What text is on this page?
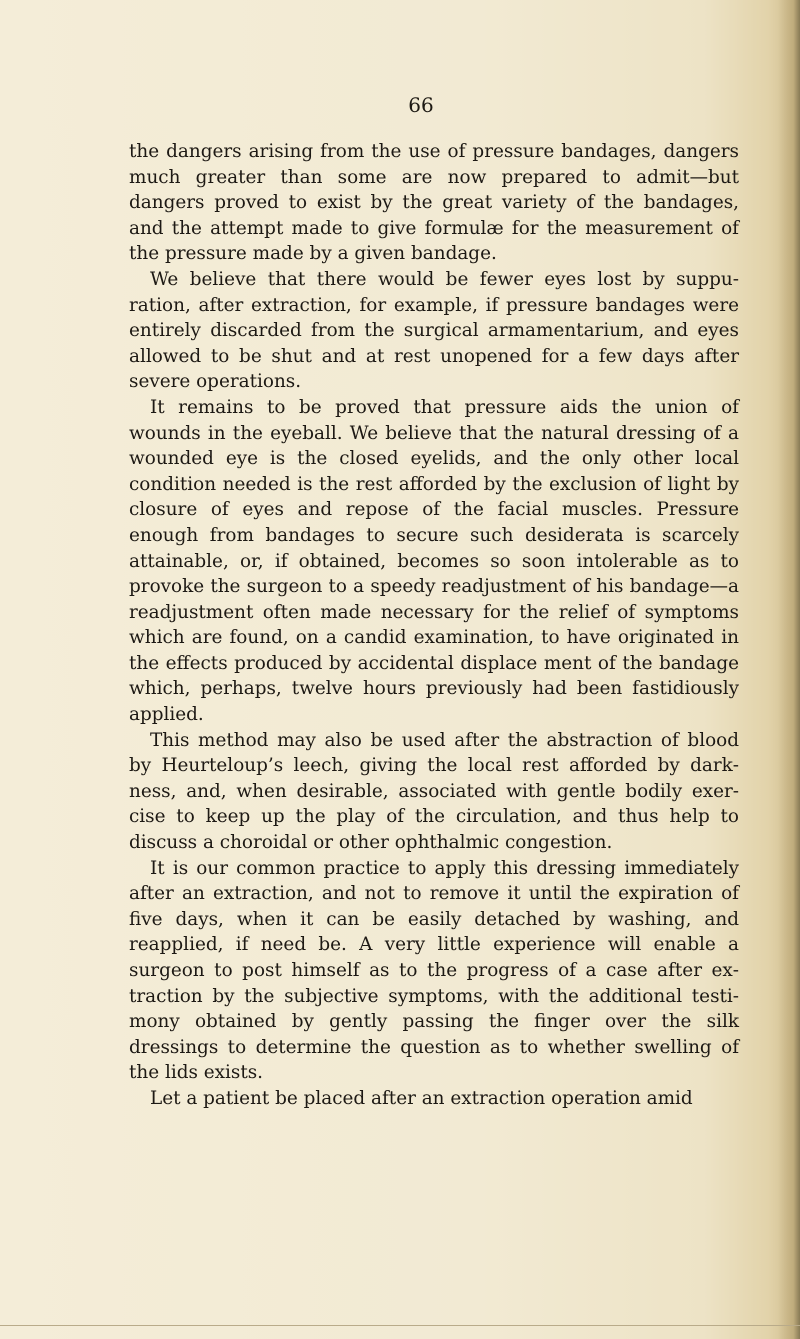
66

the dangers arising from the use of pressure bandages, dangers much greater than some are now prepared to admit—but dangers proved to exist by the great variety of the bandages, and the attempt made to give formulæ for the measurement of the pressure made by a given bandage.

We believe that there would be fewer eyes lost by suppu ration, after extraction, for example, if pressure bandages were entirely discarded from the surgical armamentarium, and eyes allowed to be shut and at rest unopened for a few days after severe operations.

It remains to be proved that pressure aids the union of wounds in the eyeball. We believe that the natural dressing of a wounded eye is the closed eyelids, and the only other local condition needed is the rest afforded by the exclusion of light by closure of eyes and repose of the facial muscles. Pressure enough from bandages to secure such desiderata is scarcely attainable, or, if obtained, becomes so soon intolerable as to provoke the surgeon to a speedy readjustment of his bandage—a readjustment often made necessary for the relief of symptoms which are found, on a candid examination, to have originated in the effects produced by accidental displace ment of the bandage which, perhaps, twelve hours previously had been fastidiously applied.

This method may also be used after the abstraction of blood by Heurteloup’s leech, giving the local rest afforded by dark ness, and, when desirable, associated with gentle bodily exer cise to keep up the play of the circulation, and thus help to discuss a choroidal or other ophthalmic congestion.

It is our common practice to apply this dressing immediately after an extraction, and not to remove it until the expiration of five days, when it can be easily detached by washing, and reapplied, if need be. A very little experience will enable a surgeon to post himself as to the progress of a case after ex traction by the subjective symptoms, with the additional testi mony obtained by gently passing the finger over the silk dressings to determine the question as to whether swelling of the lids exists.

Let a patient be placed after an extraction operation amid
